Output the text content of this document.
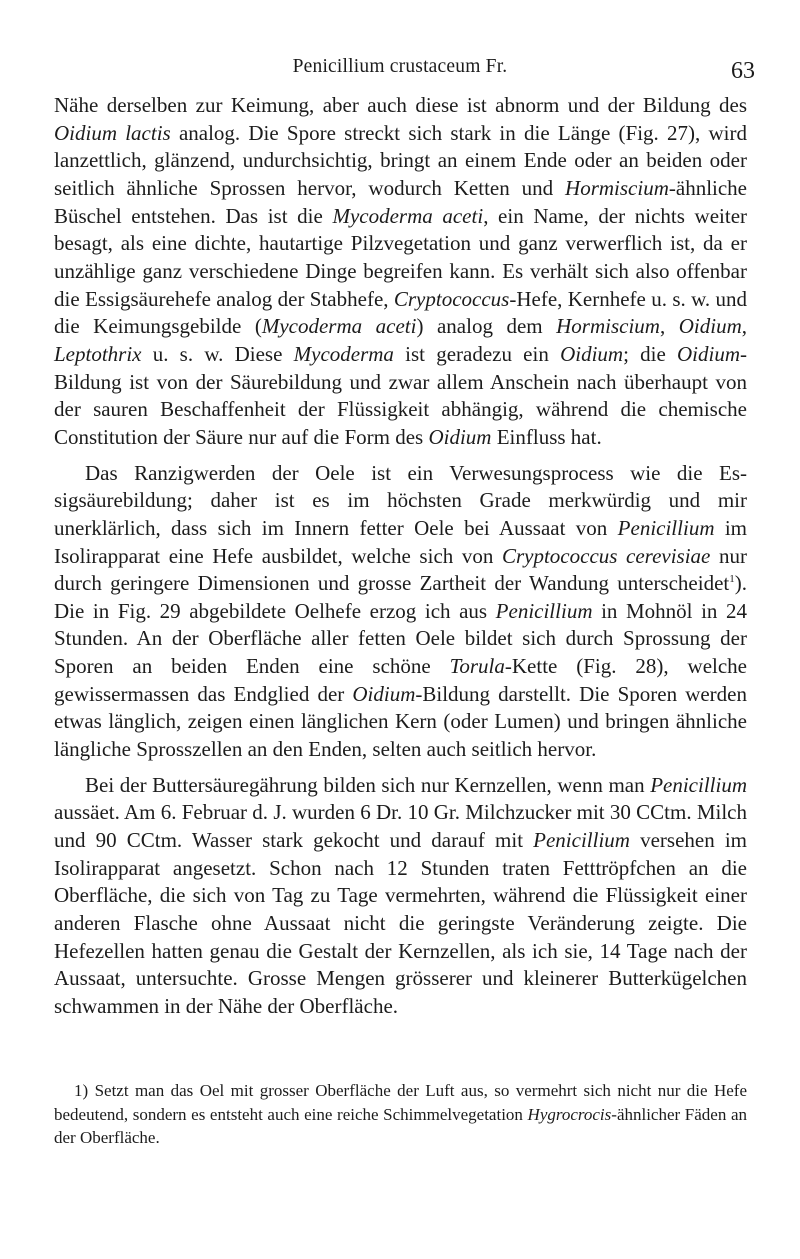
Penicillium crustaceum Fr.	63

Nähe derselben zur Keimung, aber auch diese ist abnorm und der Bildung des Oidium lactis analog. Die Spore streckt sich stark in die Länge (Fig. 27), wird lanzettlich, glänzend, undurchsichtig, bringt an einem Ende oder an beiden oder seitlich ähnliche Sprossen hervor, wodurch Ketten und Hormiscium-ähnliche Büschel entstehen. Das ist die Mycoderma aceti, ein Name, der nichts weiter besagt, als eine dichte, hautartige Pilzvegetation und ganz verwerflich ist, da er unzählige ganz verschiedene Dinge begreifen kann. Es verhält sich also offenbar die Essigsäurehefe analog der Stabhefe, Cryptococcus-Hefe, Kernhefe u. s. w. und die Keimungsgebilde (Mycoderma aceti) analog dem Hormiscium, Oidium, Leptothrix u. s. w. Diese Mycoderma ist geradezu ein Oidium; die Oidium-Bildung ist von der Säurebildung und zwar allem Anschein nach überhaupt von der sauren Beschaffenheit der Flüssigkeit abhängig, während die chemische Constitution der Säure nur auf die Form des Oidium Einfluss hat.

Das Ranzigwerden der Oele ist ein Verwesungsprocess wie die Essigsäurebildung; daher ist es im höchsten Grade merkwürdig und mir unerklärlich, dass sich im Innern fetter Oele bei Aussaat von Penicillium im Isolirapparat eine Hefe ausbildet, welche sich von Cryptococcus cerevisiae nur durch geringere Dimensionen und grosse Zartheit der Wandung unterscheidet$^1$). Die in Fig. 29 abgebildete Oelhefe erzog ich aus Penicillium in Mohnöl in 24 Stunden. An der Oberfläche aller fetten Oele bildet sich durch Sprossung der Sporen an beiden Enden eine schöne Torula-Kette (Fig. 28), welche gewissermassen das Endglied der Oidium-Bildung darstellt. Die Sporen werden etwas länglich, zeigen einen länglichen Kern (oder Lumen) und bringen ähnliche längliche Sprosszellen an den Enden, selten auch seitlich hervor.

Bei der Buttersäuregährung bilden sich nur Kernzellen, wenn man Penicillium aussäet. Am 6. Februar d. J. wurden 6 Dr. 10 Gr. Milchzucker mit 30 CCtm. Milch und 90 CCtm. Wasser stark gekocht und darauf mit Penicillium versehen im Isolirapparat angesetzt. Schon nach 12 Stunden traten Fetttröpfchen an die Oberfläche, die sich von Tag zu Tage vermehrten, während die Flüssigkeit einer anderen Flasche ohne Aussaat nicht die geringste Veränderung zeigte. Die Hefezellen hatten genau die Gestalt der Kernzellen, als ich sie, 14 Tage nach der Aussaat, untersuchte. Grosse Mengen grösserer und kleinerer Butterkügelchen schwammen in der Nähe der Oberfläche.

1) Setzt man das Oel mit grosser Oberfläche der Luft aus, so vermehrt sich nicht nur die Hefe bedeutend, sondern es entsteht auch eine reiche Schimmelvegetation Hygrocrocis-ähnlicher Fäden an der Oberfläche.
